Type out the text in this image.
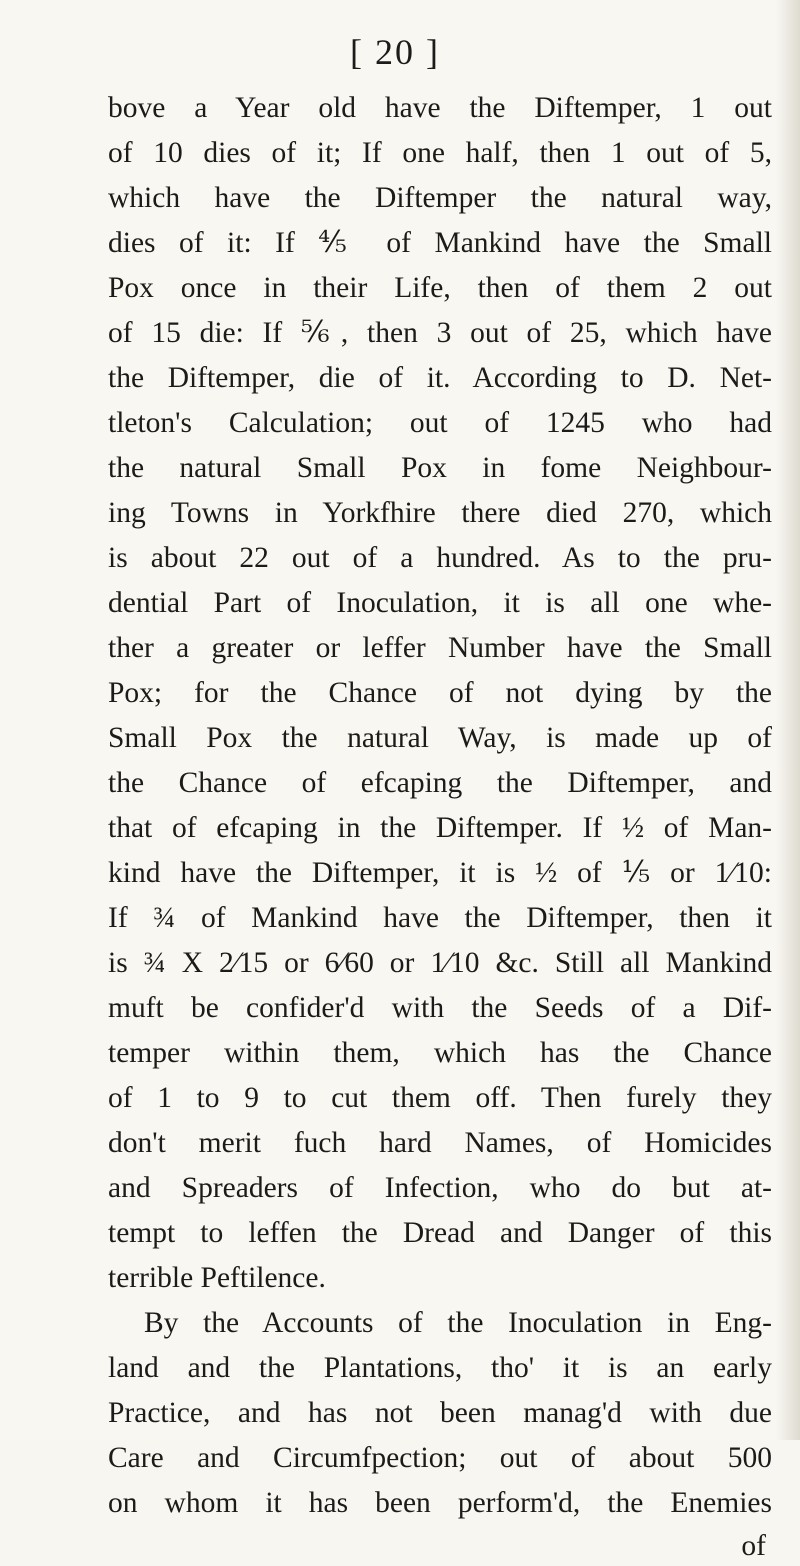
[ 20 ]
bove a Year old have the Diftemper, 1 out
of 10 dies of it; If one half, then 1 out of 5,
which have the Diftemper the natural way,
dies of it: If ⅘ of Mankind have the Small
Pox once in their Life, then of them 2 out
of 15 die: If ⅚, then 3 out of 25, which have
the Diftemper, die of it. According to D. Net-
tleton's Calculation; out of 1245 who had
the natural Small Pox in fome Neighbour-
ing Towns in Yorkfhire there died 270, which
is about 22 out of a hundred. As to the pru-
dential Part of Inoculation, it is all one whe-
ther a greater or leffer Number have the Small
Pox; for the Chance of not dying by the
Small Pox the natural Way, is made up of
the Chance of efcaping the Diftemper, and
that of efcaping in the Diftemper. If ½ of Man-
kind have the Diftemper, it is ½ of ⅕ or 1⁄10:
If ¾ of Mankind have the Diftemper, then it
is ¾ X 2⁄15 or 6⁄60 or 1⁄10 &c. Still all Mankind
muft be confider'd with the Seeds of a Dif-
temper within them, which has the Chance
of 1 to 9 to cut them off. Then furely they
don't merit fuch hard Names, of Homicides
and Spreaders of Infection, who do but at-
tempt to leffen the Dread and Danger of this
terrible Peftilence.
By the Accounts of the Inoculation in Eng-
land and the Plantations, tho' it is an early
Practice, and has not been manag'd with due
Care and Circumfpection; out of about 500
on whom it has been perform'd, the Enemies
of
